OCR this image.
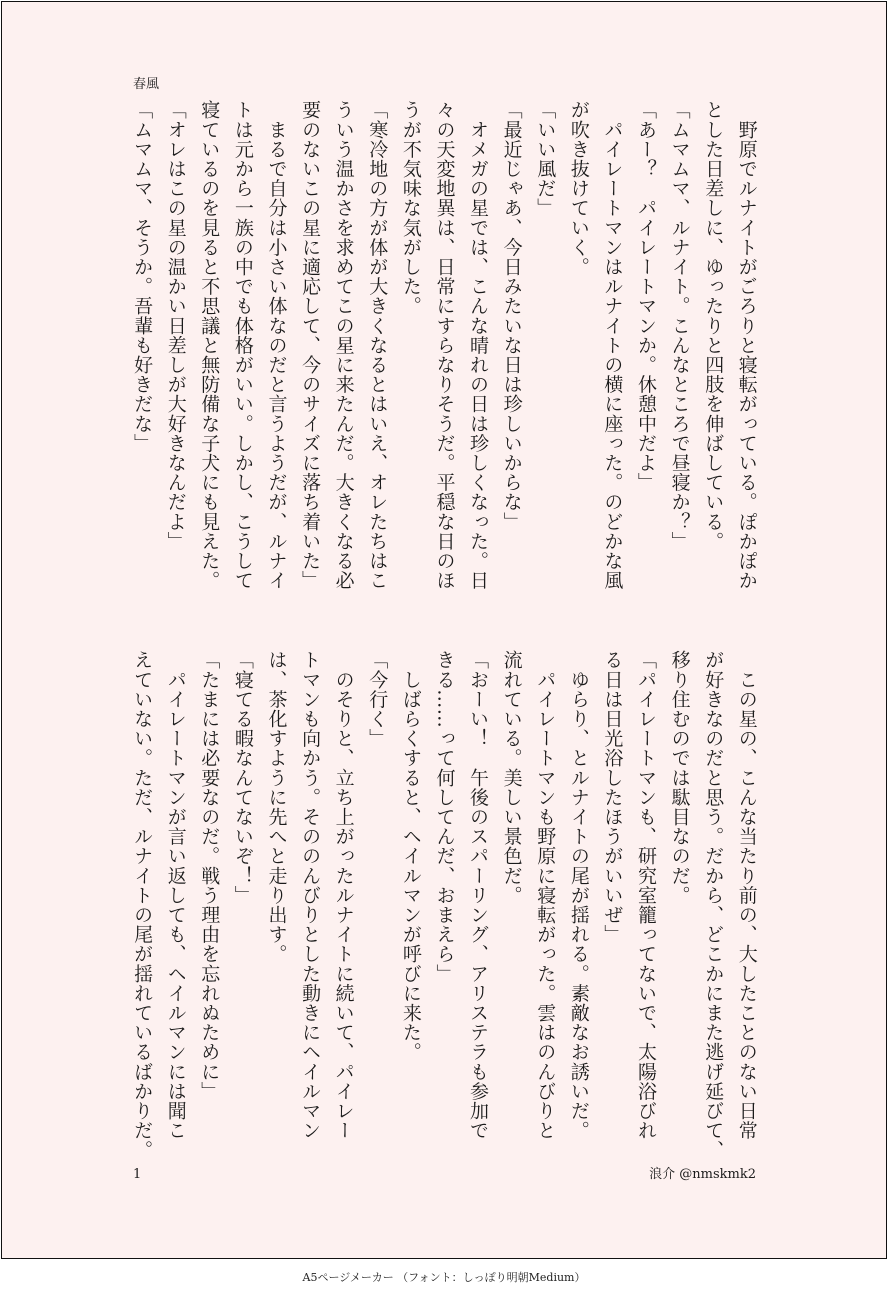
春風
　野原でルナイトがごろりと寝転がっている。ぽかぽか
とした日差しに、ゆったりと四肢を伸ばしている。
「ムマムマ、ルナイト。こんなところで昼寝か？」
「あー？　パイレートマンか。休憩中だよ」
　パイレートマンはルナイトの横に座った。のどかな風
が吹き抜けていく。
「いい風だ」
「最近じゃあ、今日みたいな日は珍しいからな」
　オメガの星では、こんな晴れの日は珍しくなった。日
々の天変地異は、日常にすらなりそうだ。平穏な日のほ
うが不気味な気がした。
「寒冷地の方が体が大きくなるとはいえ、オレたちはこ
ういう温かさを求めてこの星に来たんだ。大きくなる必
要のないこの星に適応して、今のサイズに落ち着いた」
　まるで自分は小さい体なのだと言うようだが、ルナイ
トは元から一族の中でも体格がいい。しかし、こうして
寝ているのを見ると不思議と無防備な子犬にも見えた。
「オレはこの星の温かい日差しが大好きなんだよ」
「ムマムマ、そうか。吾輩も好きだな」
　この星の、こんな当たり前の、大したことのない日常
が好きなのだと思う。だから、どこかにまた逃げ延びて、
移り住むのでは駄目なのだ。
「パイレートマンも、研究室籠ってないで、太陽浴びれ
る日は日光浴したほうがいいぜ」
　ゆらり、とルナイトの尾が揺れる。素敵なお誘いだ。
　パイレートマンも野原に寝転がった。雲はのんびりと
流れている。美しい景色だ。
「おーい！　午後のスパーリング、アリステラも参加で
きる……って何してんだ、おまえら」
　しばらくすると、ヘイルマンが呼びに来た。
「今行く」
　のそりと、立ち上がったルナイトに続いて、パイレー
トマンも向かう。そののんびりとした動きにヘイルマン
は、茶化すように先へと走り出す。
「寝てる暇なんてないぞ！」
「たまには必要なのだ。戦う理由を忘れぬために」
　パイレートマンが言い返しても、ヘイルマンには聞こ
えていない。ただ、ルナイトの尾が揺れているばかりだ。
1	浪介 @nmskmk2
A5ページメーカー （フォント：しっぽり明朝Medium）
